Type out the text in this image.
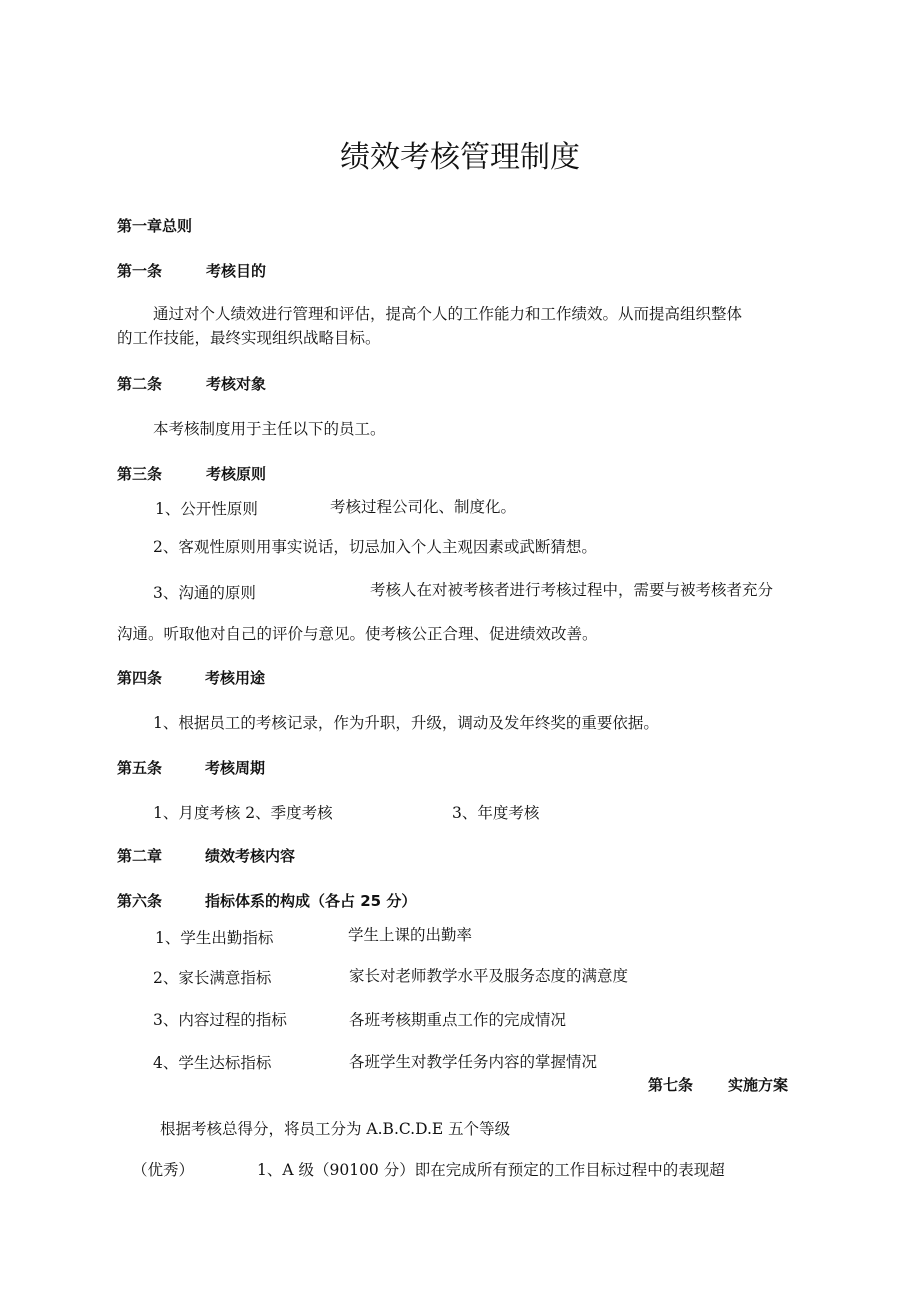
绩效考核管理制度
第一章总则
第一条	考核目的
通过对个人绩效进行管理和评估，提高个人的工作能力和工作绩效。从而提高组织整体
的工作技能，最终实现组织战略目标。
第二条	考核对象
本考核制度用于主任以下的员工。
第三条	考核原则
1、公开性原则	考核过程公司化、制度化。
2、客观性原则用事实说话，切忌加入个人主观因素或武断猜想。
3、沟通的原则	考核人在对被考核者进行考核过程中，需要与被考核者充分
沟通。听取他对自己的评价与意见。使考核公正合理、促进绩效改善。
第四条	考核用途
1、根据员工的考核记录，作为升职，升级，调动及发年终奖的重要依据。
第五条	考核周期
1、月度考核 2、季度考核	3、年度考核
第二章	绩效考核内容
第六条	指标体系的构成（各占 25 分）
1、学生出勤指标	学生上课的出勤率
2、家长满意指标	家长对老师教学水平及服务态度的满意度
3、内容过程的指标	各班考核期重点工作的完成情况
4、学生达标指标	各班学生对教学任务内容的掌握情况
第七条 实施方案
根据考核总得分，将员工分为 A.B.C.D.E 五个等级
（优秀）	1、A 级（90100 分）即在完成所有预定的工作目标过程中的表现超
